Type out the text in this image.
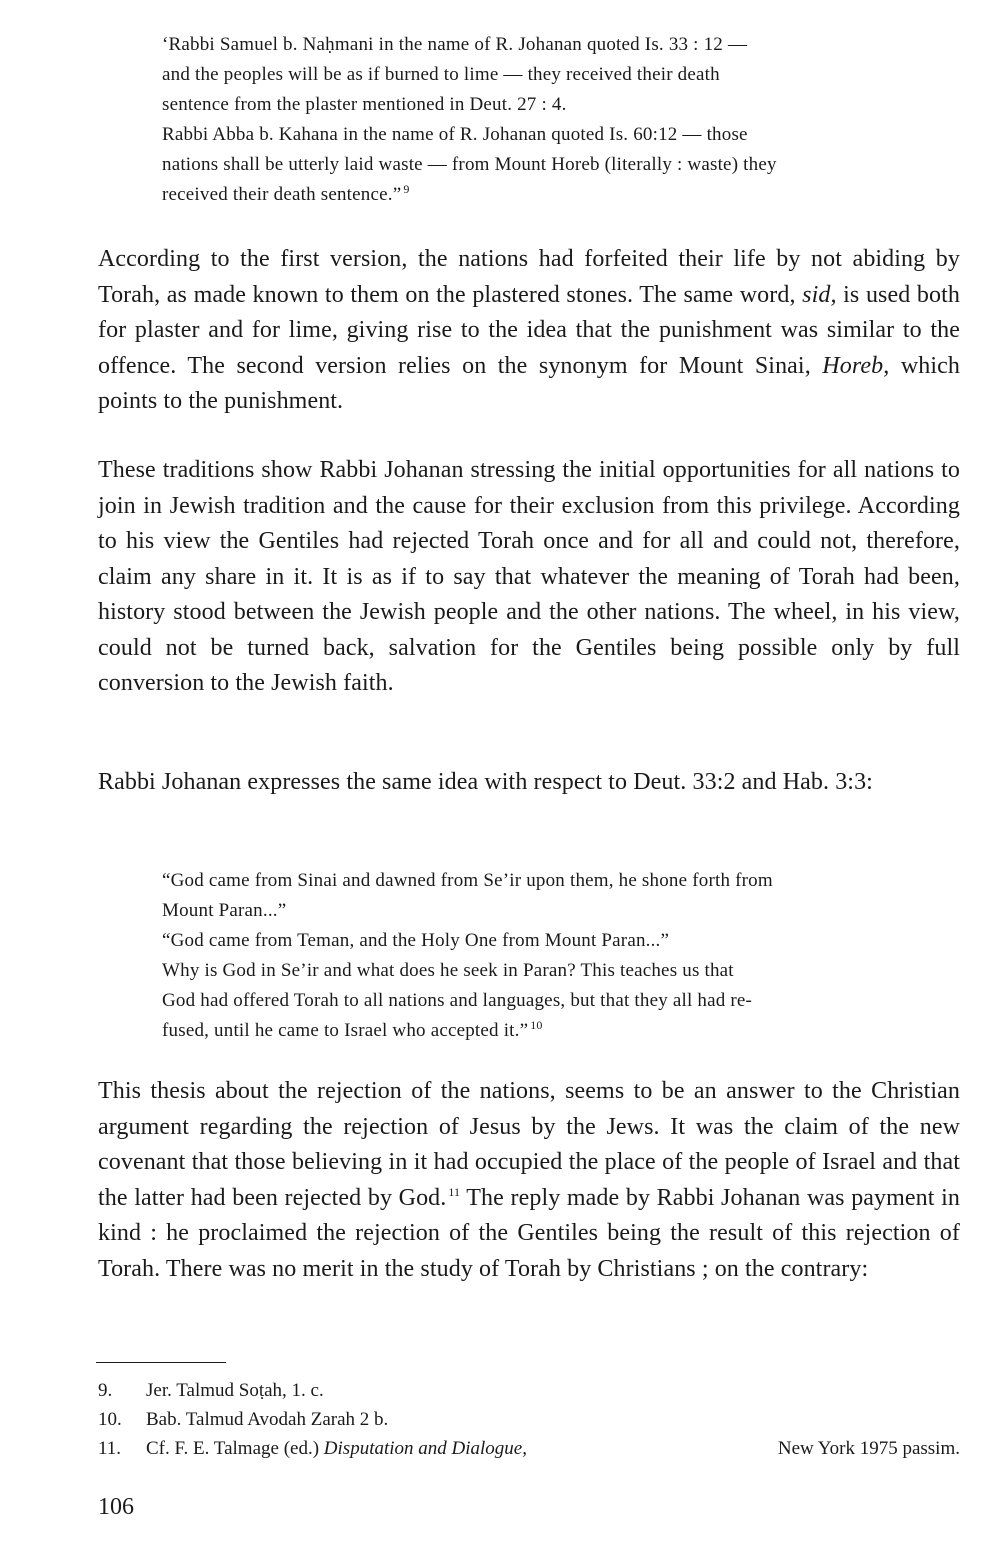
‘Rabbi Samuel b. Naḥmani in the name of R. Johanan quoted Is. 33 : 12 —

and the peoples will be as if burned to lime — they received their death

sentence from the plaster mentioned in Deut. 27 : 4.

Rabbi Abba b. Kahana in the name of R. Johanan quoted Is. 60:12 — those

nations shall be utterly laid waste — from Mount Horeb (literally : waste) they

received their death sentence.” $^9$

According to the first version, the nations had forfeited their life by not abiding by Torah, as made known to them on the plastered stones. The same word, sid, is used both for plaster and for lime, giving rise to the idea that the punishment was similar to the offence. The second version relies on the synonym for Mount Sinai, Horeb, which points to the punishment.

These traditions show Rabbi Johanan stressing the initial opportunities for all nations to join in Jewish tradition and the cause for their exclusion from this privilege. According to his view the Gentiles had rejected Torah once and for all and could not, therefore, claim any share in it. It is as if to say that whatever the meaning of Torah had been, history stood between the Jewish people and the other nations. The wheel, in his view, could not be turned back, salvation for the Gentiles being possible only by full conversion to the Jewish faith.

Rabbi Johanan expresses the same idea with respect to Deut. 33:2 and Hab. 3:3:

“God came from Sinai and dawned from Se’ir upon them, he shone forth from

Mount Paran...”

“God came from Teman, and the Holy One from Mount Paran...”

Why is God in Se’ir and what does he seek in Paran? This teaches us that

God had offered Torah to all nations and languages, but that they all had re-

fused, until he came to Israel who accepted it.” $^{10}$

This thesis about the rejection of the nations, seems to be an answer to the Christian argument regarding the rejection of Jesus by the Jews. It was the claim of the new covenant that those believing in it had occupied the place of the people of Israel and that the latter had been rejected by God. $^{11}$ The reply made by Rabbi Johanan was payment in kind : he proclaimed the rejection of the Gentiles being the result of this rejection of Torah. There was no merit in the study of Torah by Christians ; on the contrary:

9. Jer. Talmud Soṭah, 1. c.
10. Bab. Talmud Avodah Zarah 2 b.
11. Cf. F. E. Talmage (ed.) Disputation and Dialogue,	New York 1975 passim.
106
